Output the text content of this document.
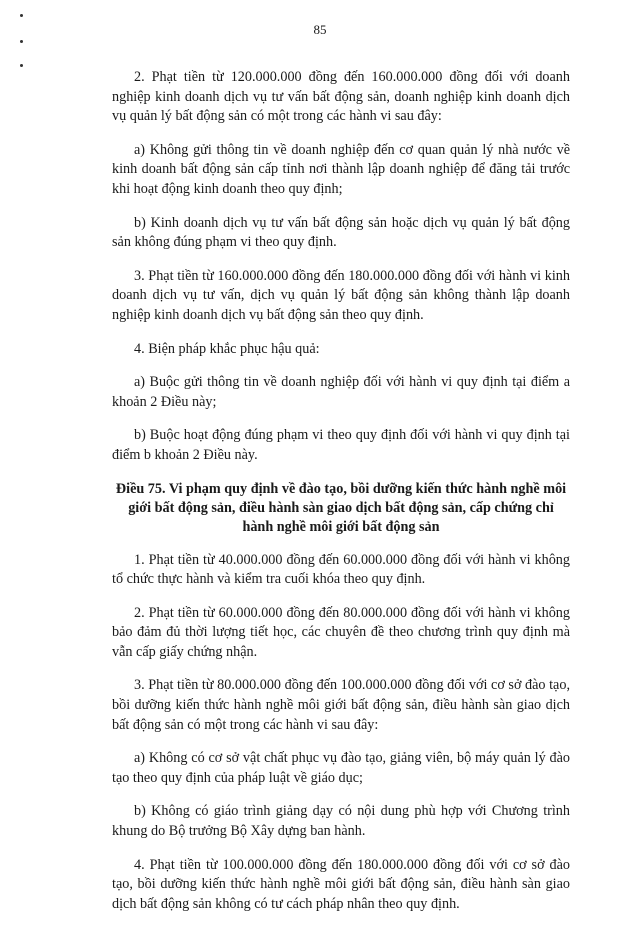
85

2. Phạt tiền từ 120.000.000 đồng đến 160.000.000 đồng đối với doanh nghiệp kinh doanh dịch vụ tư vấn bất động sản, doanh nghiệp kinh doanh dịch vụ quản lý bất động sản có một trong các hành vi sau đây:

a) Không gửi thông tin về doanh nghiệp đến cơ quan quản lý nhà nước về kinh doanh bất động sản cấp tỉnh nơi thành lập doanh nghiệp để đăng tải trước khi hoạt động kinh doanh theo quy định;

b) Kinh doanh dịch vụ tư vấn bất động sản hoặc dịch vụ quản lý bất động sản không đúng phạm vi theo quy định.

3. Phạt tiền từ 160.000.000 đồng đến 180.000.000 đồng đối với hành vi kinh doanh dịch vụ tư vấn, dịch vụ quản lý bất động sản không thành lập doanh nghiệp kinh doanh dịch vụ bất động sản theo quy định.

4. Biện pháp khắc phục hậu quả:

a) Buộc gửi thông tin về doanh nghiệp đối với hành vi quy định tại điểm a khoản 2 Điều này;

b) Buộc hoạt động đúng phạm vi theo quy định đối với hành vi quy định tại điểm b khoản 2 Điều này.

Điều 75. Vi phạm quy định về đào tạo, bồi dưỡng kiến thức hành nghề môi giới bất động sản, điều hành sàn giao dịch bất động sản, cấp chứng chỉ hành nghề môi giới bất động sản

1. Phạt tiền từ 40.000.000 đồng đến 60.000.000 đồng đối với hành vi không tổ chức thực hành và kiểm tra cuối khóa theo quy định.

2. Phạt tiền từ 60.000.000 đồng đến 80.000.000 đồng đối với hành vi không bảo đảm đủ thời lượng tiết học, các chuyên đề theo chương trình quy định mà vẫn cấp giấy chứng nhận.

3. Phạt tiền từ 80.000.000 đồng đến 100.000.000 đồng đối với cơ sở đào tạo, bồi dưỡng kiến thức hành nghề môi giới bất động sản, điều hành sàn giao dịch bất động sản có một trong các hành vi sau đây:

a) Không có cơ sở vật chất phục vụ đào tạo, giảng viên, bộ máy quản lý đào tạo theo quy định của pháp luật về giáo dục;

b) Không có giáo trình giảng dạy có nội dung phù hợp với Chương trình khung do Bộ trưởng Bộ Xây dựng ban hành.

4. Phạt tiền từ 100.000.000 đồng đến 180.000.000 đồng đối với cơ sở đào tạo, bồi dưỡng kiến thức hành nghề môi giới bất động sản, điều hành sàn giao dịch bất động sản không có tư cách pháp nhân theo quy định.
